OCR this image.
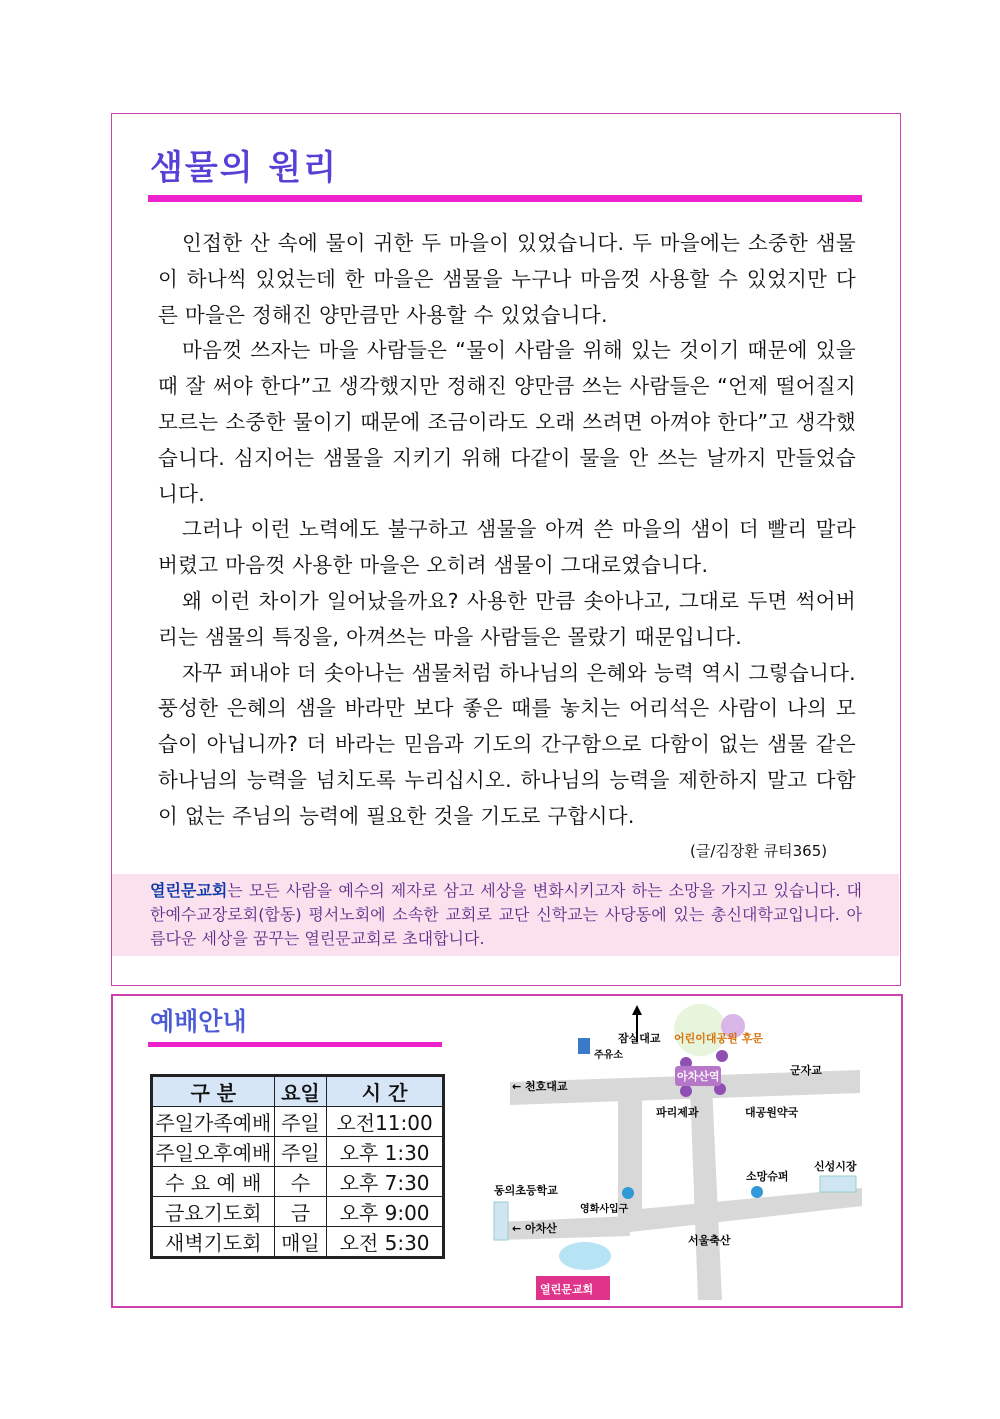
샘물의 원리

인접한 산 속에 물이 귀한 두 마을이 있었습니다. 두 마을에는 소중한 샘물이 하나씩 있었는데 한 마을은 샘물을 누구나 마음껏 사용할 수 있었지만 다른 마을은 정해진 양만큼만 사용할 수 있었습니다.

마음껏 쓰자는 마을 사람들은 “물이 사람을 위해 있는 것이기 때문에 있을 때 잘 써야 한다”고 생각했지만 정해진 양만큼 쓰는 사람들은 “언제 떨어질지 모르는 소중한 물이기 때문에 조금이라도 오래 쓰려면 아껴야 한다”고 생각했습니다. 심지어는 샘물을 지키기 위해 다같이 물을 안 쓰는 날까지 만들었습니다.

그러나 이런 노력에도 불구하고 샘물을 아껴 쓴 마을의 샘이 더 빨리 말라버렸고 마음껏 사용한 마을은 오히려 샘물이 그대로였습니다.

왜 이런 차이가 일어났을까요? 사용한 만큼 솟아나고, 그대로 두면 썩어버리는 샘물의 특징을, 아껴쓰는 마을 사람들은 몰랐기 때문입니다.

자꾸 퍼내야 더 솟아나는 샘물처럼 하나님의 은혜와 능력 역시 그렇습니다. 풍성한 은혜의 샘을 바라만 보다 좋은 때를 놓치는 어리석은 사람이 나의 모습이 아닙니까? 더 바라는 믿음과 기도의 간구함으로 다함이 없는 샘물 같은 하나님의 능력을 넘치도록 누리십시오. 하나님의 능력을 제한하지 말고 다함이 없는 주님의 능력에 필요한 것을 기도로 구합시다.

(글/김장환 큐티365)
열린문교회는 모든 사람을 예수의 제자로 삼고 세상을 변화시키고자 하는 소망을 가지고 있습니다. 대한예수교장로회(합동) 평서노회에 소속한 교회로 교단 신학교는 사당동에 있는 총신대학교입니다. 아름다운 세상을 꿈꾸는 열린문교회로 초대합니다.
예배안내
구 분	요일	시 간
주일가족예배	주일	오전11:00
주일오후예배	주일	오후 1:30
수 요 예 배	수	오후 7:30
금요기도회	금	오후 9:00
새벽기도회	매일	오전 5:30
잠실대교 어린이대공원 후문
주유소
← 천호대교
아차산역	군자교
파리제과	대공원약국
소망슈퍼
신성시장
동의초등학교
영화사입구
← 아차산
서울축산
열린문교회
